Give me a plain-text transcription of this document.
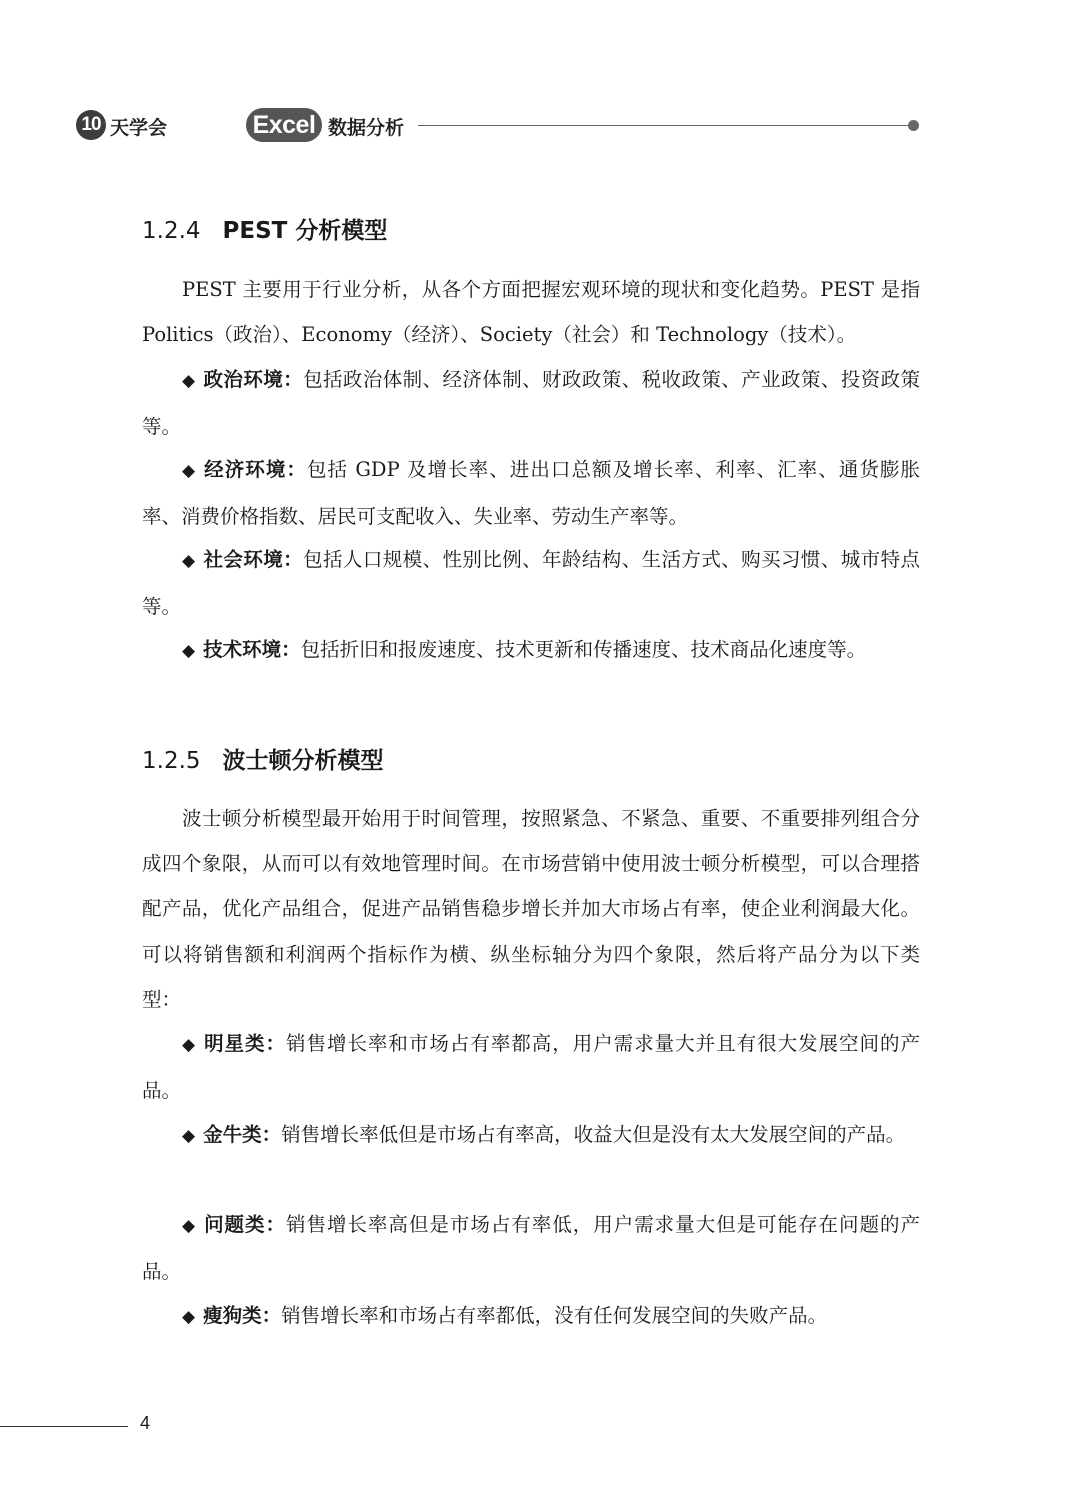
10 天学会	Excel 数据分析
1.2.4 PEST 分析模型

PEST 主要用于行业分析，从各个方面把握宏观环境的现状和变化趋势。PEST 是指 Politics（政治）、Economy（经济）、Society（社会）和 Technology（技术）。

◆ 政治环境：包括政治体制、经济体制、财政政策、税收政策、产业政策、投资政策等。

◆ 经济环境：包括 GDP 及增长率、进出口总额及增长率、利率、汇率、通货膨胀率、消费价格指数、居民可支配收入、失业率、劳动生产率等。

◆ 社会环境：包括人口规模、性别比例、年龄结构、生活方式、购买习惯、城市特点等。

◆ 技术环境：包括折旧和报废速度、技术更新和传播速度、技术商品化速度等。

1.2.5 波士顿分析模型

波士顿分析模型最开始用于时间管理，按照紧急、不紧急、重要、不重要排列组合分成四个象限，从而可以有效地管理时间。在市场营销中使用波士顿分析模型，可以合理搭配产品，优化产品组合，促进产品销售稳步增长并加大市场占有率，使企业利润最大化。可以将销售额和利润两个指标作为横、纵坐标轴分为四个象限，然后将产品分为以下类型：

◆ 明星类：销售增长率和市场占有率都高，用户需求量大并且有很大发展空间的产品。

◆ 金牛类：销售增长率低但是市场占有率高，收益大但是没有太大发展空间的产品。

◆ 问题类：销售增长率高但是市场占有率低，用户需求量大但是可能存在问题的产品。

◆ 瘦狗类：销售增长率和市场占有率都低，没有任何发展空间的失败产品。

4
